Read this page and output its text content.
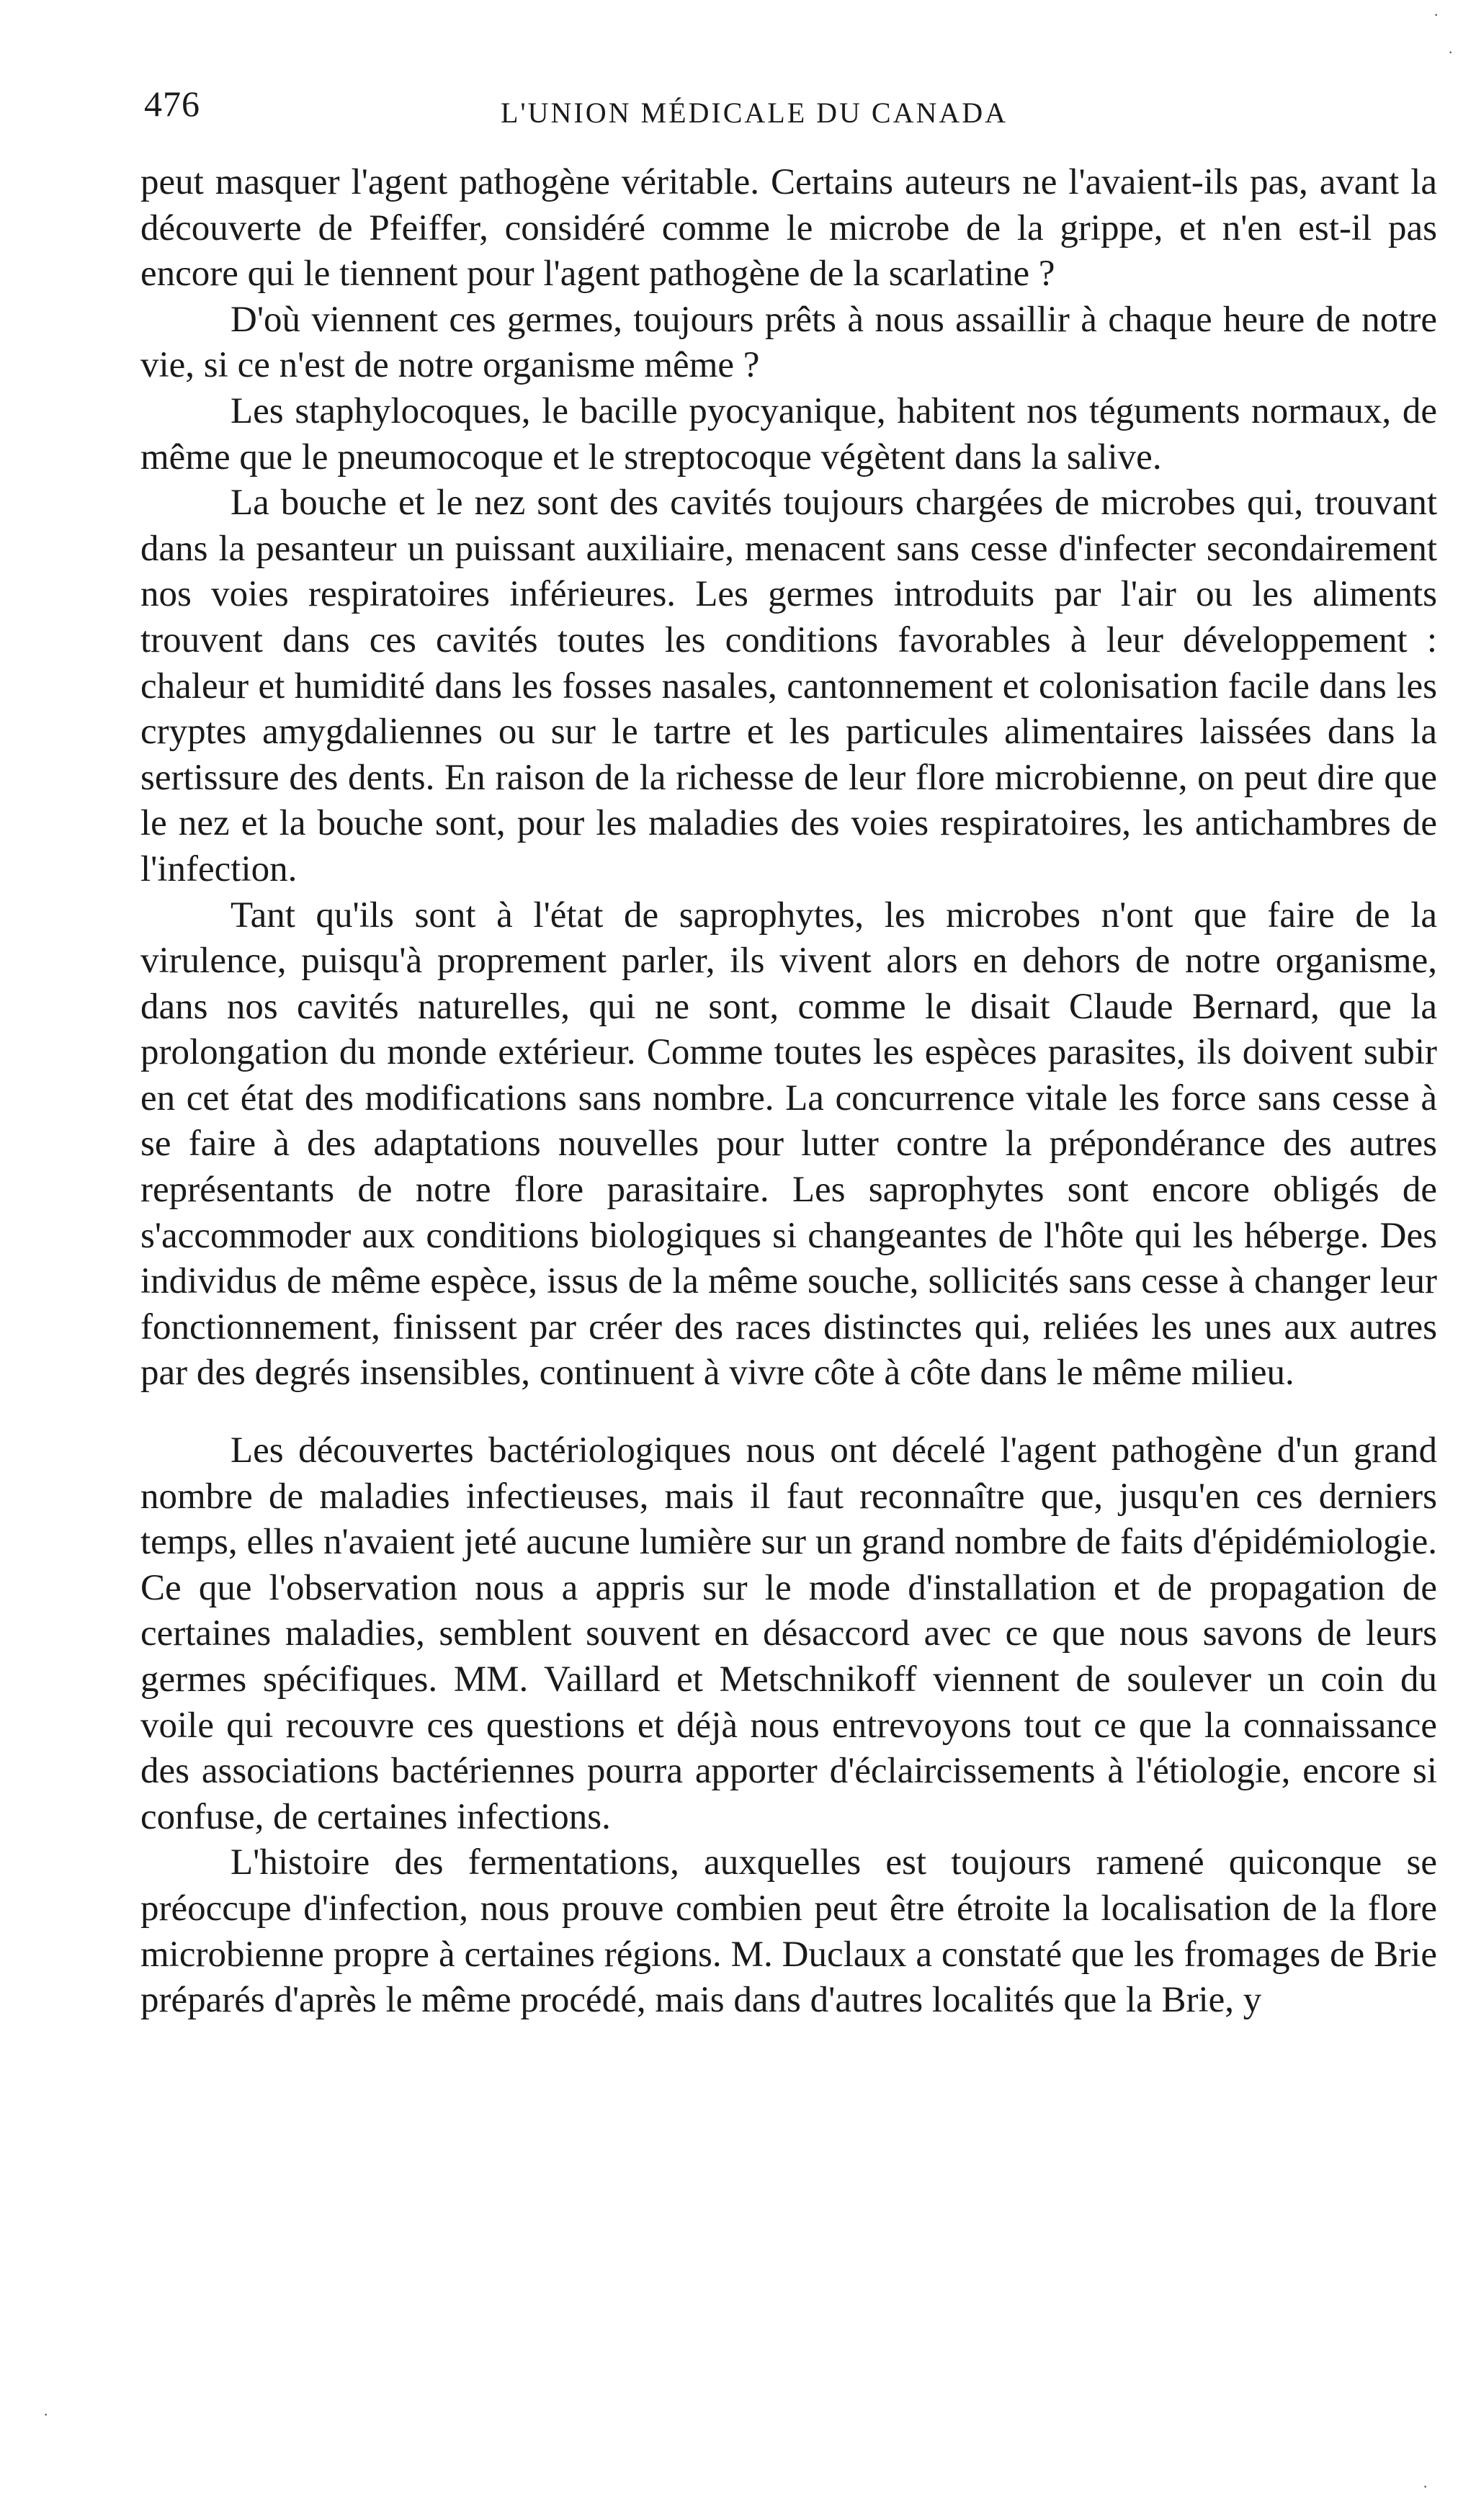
476	L'UNION MÉDICALE DU CANADA

peut masquer l'agent pathogène véritable. Certains auteurs ne l'avaient-ils pas, avant la découverte de Pfeiffer, considéré comme le microbe de la grippe, et n'en est-il pas encore qui le tiennent pour l'agent pathogène de la scarlatine ?

D'où viennent ces germes, toujours prêts à nous assaillir à chaque heure de notre vie, si ce n'est de notre organisme même ?

Les staphylocoques, le bacille pyocyanique, habitent nos téguments normaux, de même que le pneumocoque et le streptocoque végètent dans la salive.

La bouche et le nez sont des cavités toujours chargées de microbes qui, trouvant dans la pesanteur un puissant auxiliaire, menacent sans cesse d'infecter secondairement nos voies respiratoires inférieures. Les germes introduits par l'air ou les aliments trouvent dans ces cavités toutes les conditions favorables à leur développement : chaleur et humidité dans les fosses nasales, cantonnement et colonisation facile dans les cryptes amygdaliennes ou sur le tartre et les particules alimentaires laissées dans la sertissure des dents. En raison de la richesse de leur flore microbienne, on peut dire que le nez et la bouche sont, pour les maladies des voies respiratoires, les antichambres de l'infection.

Tant qu'ils sont à l'état de saprophytes, les microbes n'ont que faire de la virulence, puisqu'à proprement parler, ils vivent alors en dehors de notre organisme, dans nos cavités naturelles, qui ne sont, comme le disait Claude Bernard, que la prolongation du monde extérieur. Comme toutes les espèces parasites, ils doivent subir en cet état des modifications sans nombre. La concurrence vitale les force sans cesse à se faire à des adaptations nouvelles pour lutter contre la prépondérance des autres représentants de notre flore parasitaire. Les saprophytes sont encore obligés de s'accommoder aux conditions biologiques si changeantes de l'hôte qui les héberge. Des individus de même espèce, issus de la même souche, sollicités sans cesse à changer leur fonctionnement, finissent par créer des races distinctes qui, reliées les unes aux autres par des degrés insensibles, continuent à vivre côte à côte dans le même milieu.

Les découvertes bactériologiques nous ont décelé l'agent pathogène d'un grand nombre de maladies infectieuses, mais il faut reconnaître que, jusqu'en ces derniers temps, elles n'avaient jeté aucune lumière sur un grand nombre de faits d'épidémiologie. Ce que l'observation nous a appris sur le mode d'installation et de propagation de certaines maladies, semblent souvent en désaccord avec ce que nous savons de leurs germes spécifiques. MM. Vaillard et Metschnikoff viennent de soulever un coin du voile qui recouvre ces questions et déjà nous entrevoyons tout ce que la connaissance des associations bactériennes pourra apporter d'éclaircissements à l'étiologie, encore si confuse, de certaines infections.

L'histoire des fermentations, auxquelles est toujours ramené quiconque se préoccupe d'infection, nous prouve combien peut être étroite la localisation de la flore microbienne propre à certaines régions. M. Duclaux a constaté que les fromages de Brie préparés d'après le même procédé, mais dans d'autres localités que la Brie, y

·
·
·
·
